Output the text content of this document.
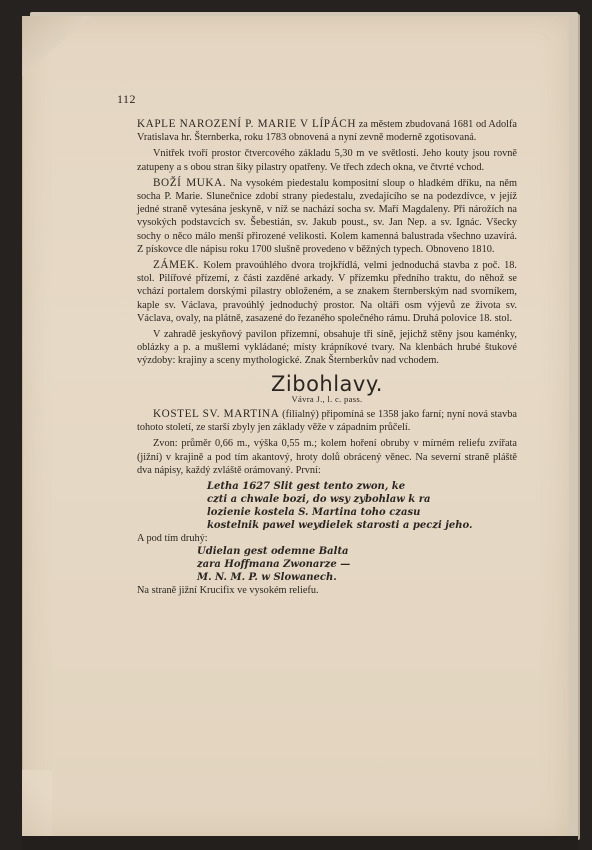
112

KAPLE NAROZENÍ P. MARIE V LÍPÁCH za městem zbudovaná 1681 od Adolfa Vratislava hr. Šternberka, roku 1783 obnovená a nyní zevně moderně zgotisovaná.

Vnitřek tvoří prostor čtvercového základu 5,30 m ve světlosti. Jeho kouty jsou rovně zatupeny a s obou stran šiky pilastry opatřeny. Ve třech zdech okna, ve čtvrté vchod.

BOŽÍ MUKA. Na vysokém piedestalu kompositní sloup o hladkém dříku, na něm socha P. Marie. Slunečnice zdobí strany piedestalu, zvedajícího se na podezdívce, v jejíž jedné straně vytesána jeskyně, v níž se nachází socha sv. Maří Magdaleny. Při nárožích na vysokých podstavcích sv. Šebestián, sv. Jakub poust., sv. Jan Nep. a sv. Ignác. Všecky sochy o něco málo menší přirozené velikosti. Kolem kamenná balustrada všechno uzavírá. Z pískovce dle nápisu roku 1700 slušně provedeno v běžných typech. Obnoveno 1810.

ZÁMEK. Kolem pravoúhlého dvora trojkřídlá, velmi jednoduchá stavba z poč. 18. stol. Pilířové přízemí, z části zazděné arkady. V přízemku předního traktu, do něhož se vchází portalem dorskými pilastry obloženém, a se znakem šternberským nad svorníkem, kaple sv. Václava, pravoúhlý jednoduchý prostor. Na oltáři osm výjevů ze života sv. Václava, ovaly, na plátně, zasazené do řezaného společného rámu. Druhá polovice 18. stol.

V zahradě jeskyňový pavilon přízemní, obsahuje tři síně, jejichž stěny jsou kaménky, oblázky a p. a mušlemi vykládané; místy krápníkové tvary. Na klenbách hrubé štukové výzdoby: krajiny a sceny mythologické. Znak Šternberkův nad vchodem.

Zibohlavy.
Vávra J., l. c. pass.

KOSTEL SV. MARTINA (filialný) připomíná se 1358 jako farní; nyní nová stavba tohoto století, ze starší zbyly jen základy věže v západním průčelí.

Zvon: průměr 0,66 m., výška 0,55 m.; kolem hoření obruby v mírném reliefu zvířata (jižní) v krajině a pod tím akantový, hroty dolů obrácený věnec. Na severní straně pláště dva nápisy, každý zvláště orámovaný. První:

Letha 1627 Slit gest tento zwon, ke

czti a chwale bozi, do wsy zybohlaw k ra

lozienie kostela S. Martina toho czasu

kostelnik pawel weydielek starosti a peczi jeho.

A pod tím druhý:

Udielan gest odemne Balta

zara Hoffmana Zwonarze —

M. N. M. P. w Slowanech.

Na straně jižní Krucifix ve vysokém reliefu.
